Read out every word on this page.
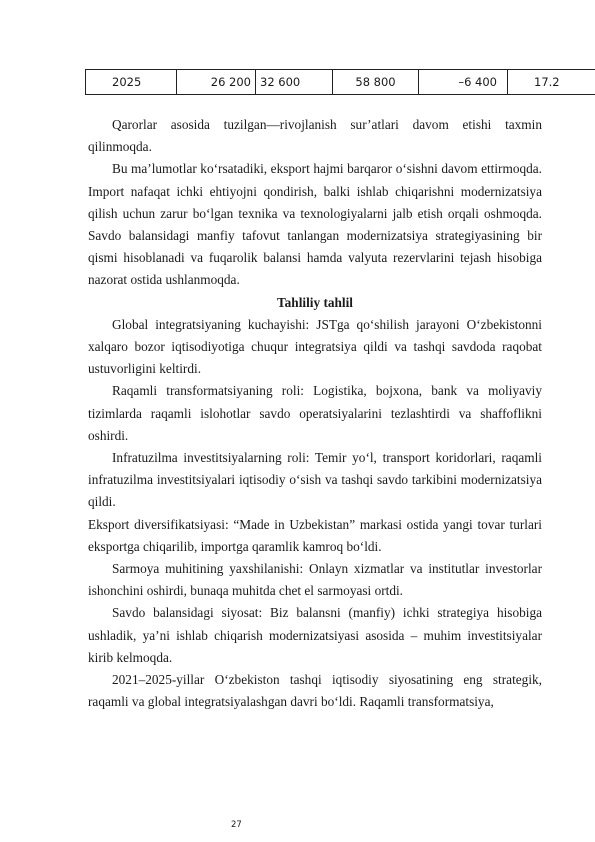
2025	26 200	32 600	58 800	–6 400	17.2

Qarorlar asosida tuzilgan—rivojlanish sur’atlari davom etishi taxmin qilinmoqda.

Bu ma’lumotlar ko‘rsatadiki, eksport hajmi barqaror o‘sishni davom ettirmoqda. Import nafaqat ichki ehtiyojni qondirish, balki ishlab chiqarishni modernizatsiya qilish uchun zarur bo‘lgan texnika va texnologiyalarni jalb etish orqali oshmoqda. Savdo balansidagi manfiy tafovut tanlangan modernizatsiya strategiyasining bir qismi hisoblanadi va fuqarolik balansi hamda valyuta rezervlarini tejash hisobiga nazorat ostida ushlanmoqda.

Tahliliy tahlil

Global integratsiyaning kuchayishi: JSTga qo‘shilish jarayoni O‘zbekistonni xalqaro bozor iqtisodiyotiga chuqur integratsiya qildi va tashqi savdoda raqobat ustuvorligini keltirdi.

Raqamli transformatsiyaning roli: Logistika, bojxona, bank va moliyaviy tizimlarda raqamli islohotlar savdo operatsiyalarini tezlashtirdi va shaffoflikni oshirdi.

Infratuzilma investitsiyalarning roli: Temir yo‘l, transport koridorlari, raqamli infratuzilma investitsiyalari iqtisodiy o‘sish va tashqi savdo tarkibini modernizatsiya qildi.

Eksport diversifikatsiyasi: “Made in Uzbekistan” markasi ostida yangi tovar turlari eksportga chiqarilib, importga qaramlik kamroq bo‘ldi.

Sarmoya muhitining yaxshilanishi: Onlayn xizmatlar va institutlar investorlar ishonchini oshirdi, bunaqa muhitda chet el sarmoyasi ortdi.

Savdo balansidagi siyosat: Biz balansni (manfiy) ichki strategiya hisobiga ushladik, ya’ni ishlab chiqarish modernizatsiyasi asosida – muhim investitsiyalar kirib kelmoqda.

2021–2025-yillar O‘zbekiston tashqi iqtisodiy siyosatining eng strategik, raqamli va global integratsiyalashgan davri bo‘ldi. Raqamli transformatsiya,

27
